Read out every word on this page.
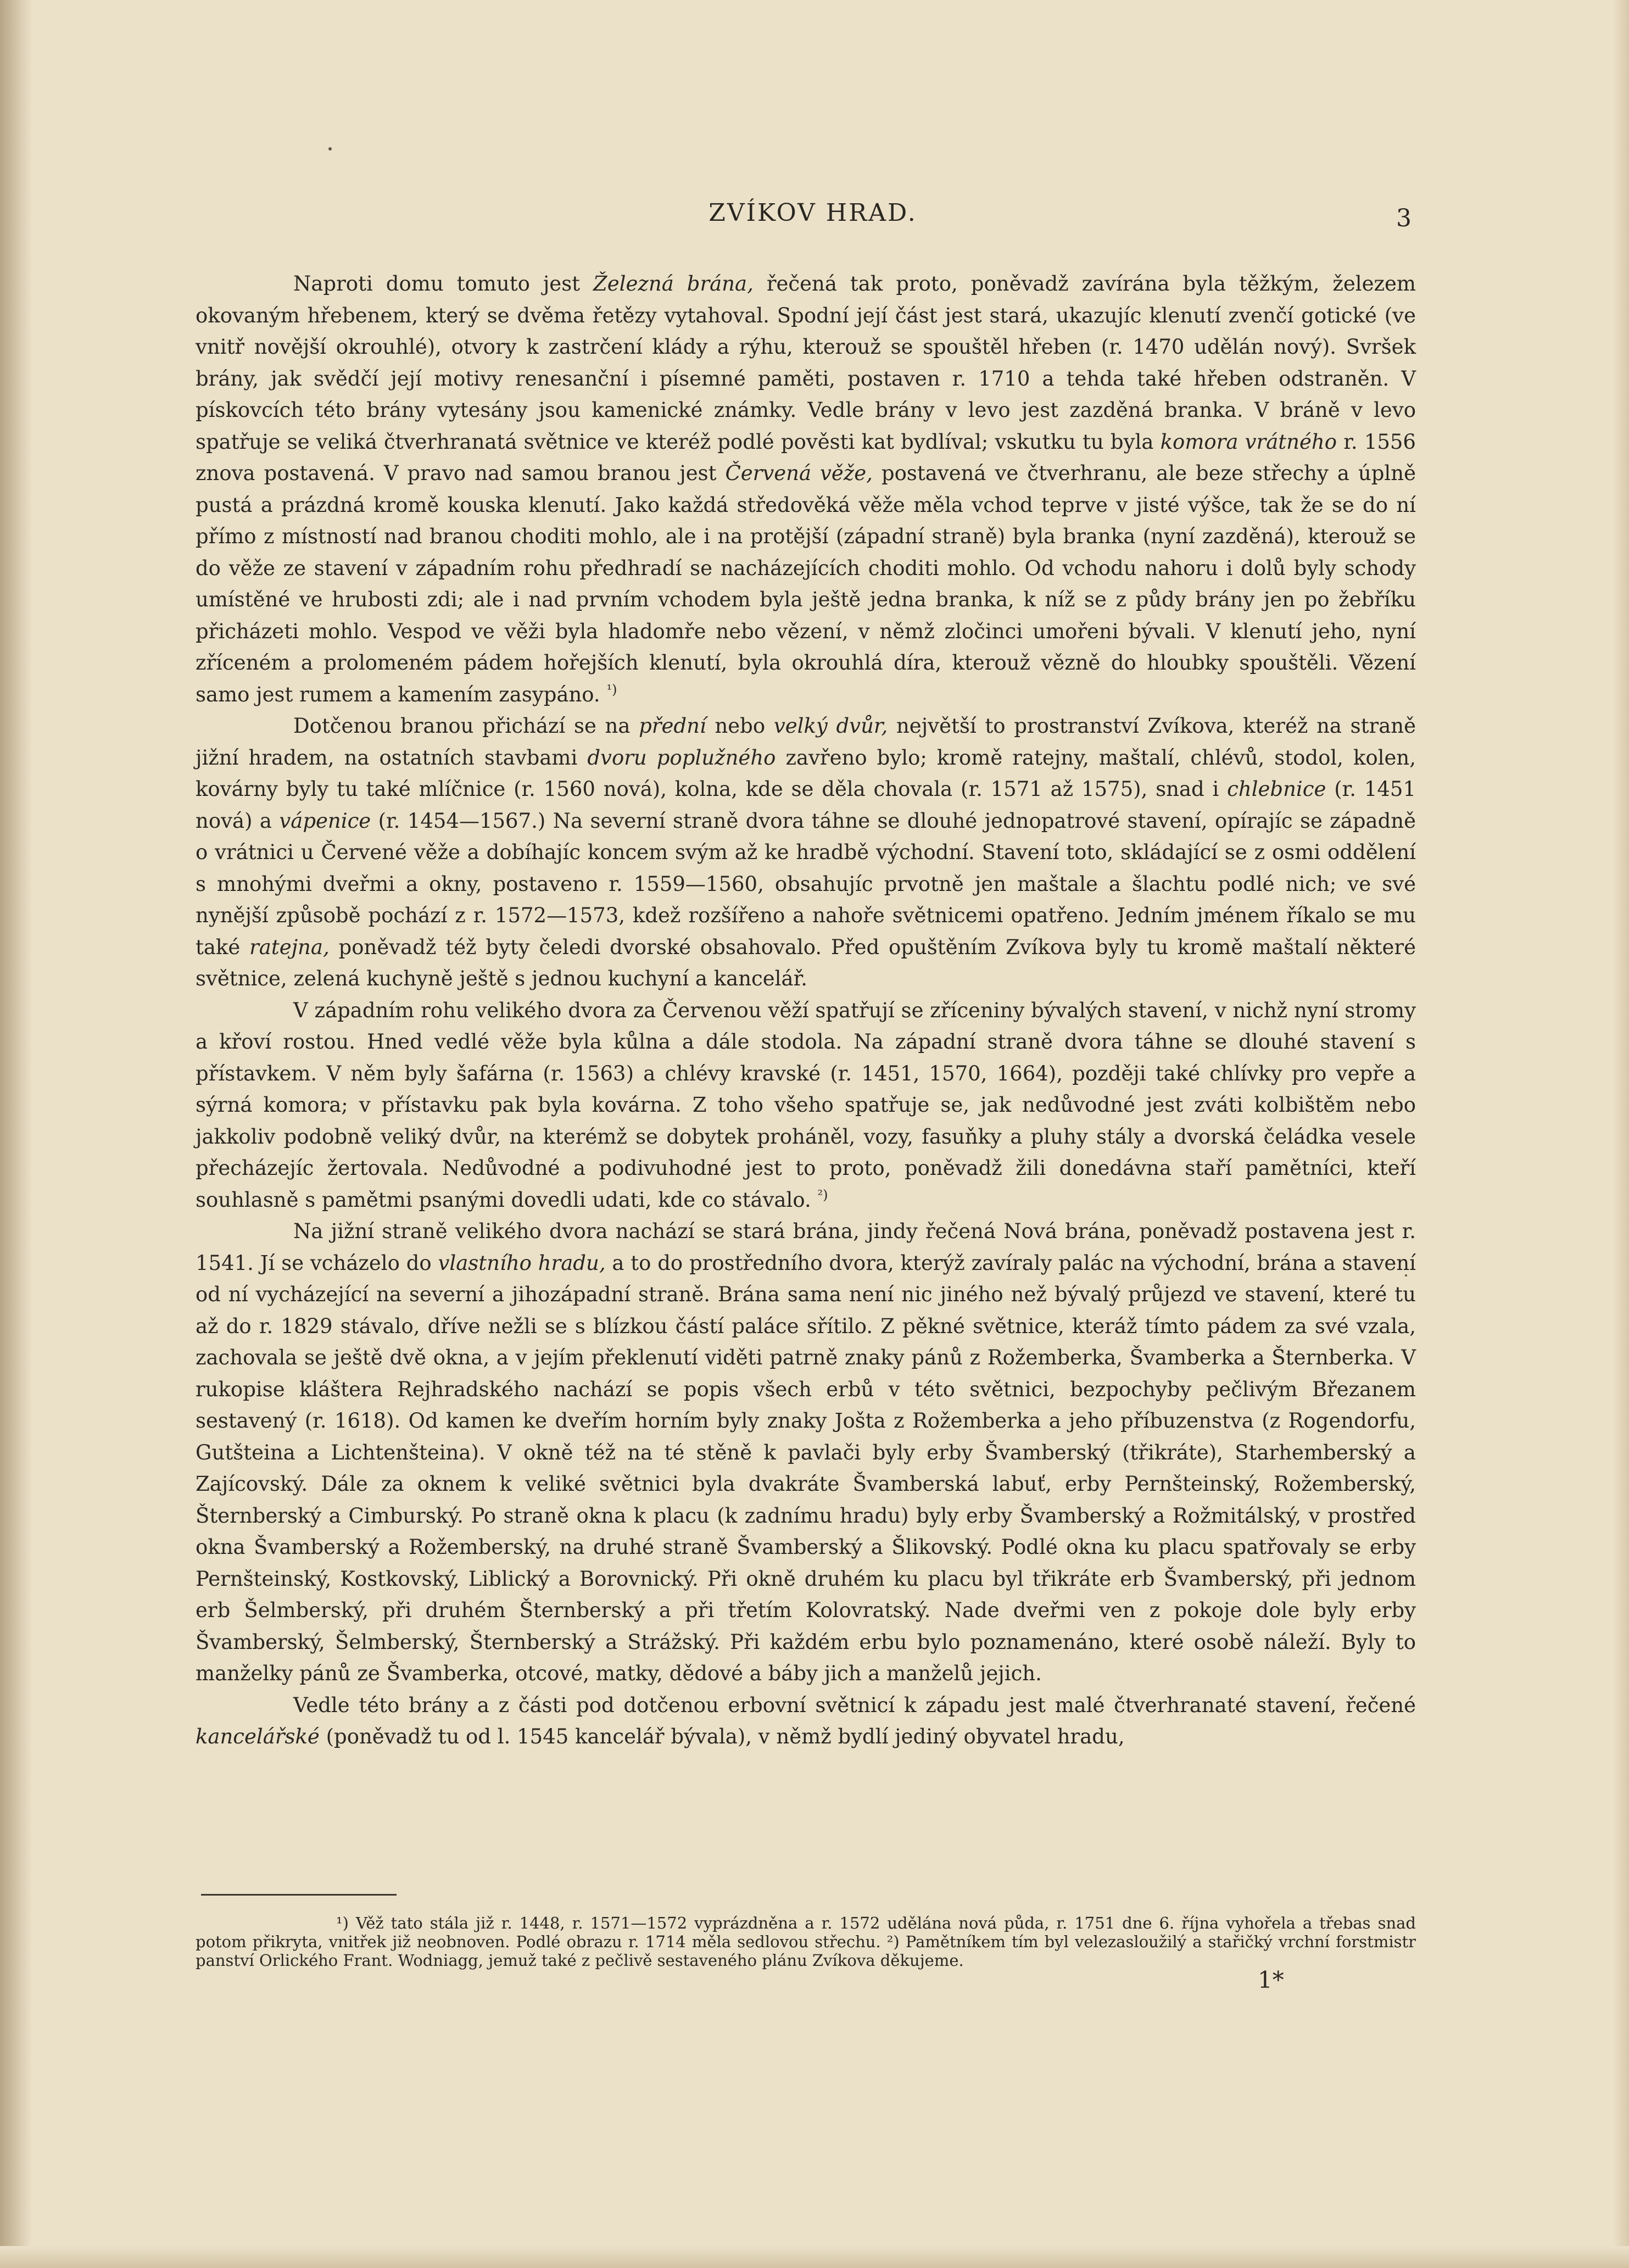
ZVÍKOV HRAD.	3

Naproti domu tomuto jest Železná brána, řečená tak proto, poněvadž zavírána byla těžkým, železem okovaným hřebenem, který se dvěma řetězy vytahoval. Spodní její část jest stará, ukazujíc klenutí zvenčí gotické (ve vnitř novější okrouhlé), otvory k zastrčení klády a rýhu, kterouž se spouštěl hřeben (r. 1470 udělán nový). Svršek brány, jak svědčí její motivy renesanční i písemné paměti, postaven r. 1710 a tehda také hřeben odstraněn. V pískovcích této brány vytesány jsou kamenické známky. Vedle brány v levo jest zazděná branka. V bráně v levo spatřuje se veliká čtverhranatá světnice ve kteréž podlé pověsti kat bydlíval; vskutku tu byla komora vrátného r. 1556 znova postavená. V pravo nad samou branou jest Červená věže, postavená ve čtverhranu, ale beze střechy a úplně pustá a prázdná kromě kouska klenutí. Jako každá středověká věže měla vchod teprve v jisté výšce, tak že se do ní přímo z místností nad branou choditi mohlo, ale i na protější (západní straně) byla branka (nyní zazděná), kterouž se do věže ze stavení v západním rohu předhradí se nacházejících choditi mohlo. Od vchodu nahoru i dolů byly schody umístěné ve hrubosti zdi; ale i nad prvním vchodem byla ještě jedna branka, k níž se z půdy brány jen po žebříku přicházeti mohlo. Vespod ve věži byla hladomře nebo vězení, v němž zločinci umořeni bývali. V klenutí jeho, nyní zříceném a prolomeném pádem hořejších klenutí, byla okrouhlá díra, kterouž vězně do hloubky spouštěli. Vězení samo jest rumem a kamením zasypáno. $^{^1)}$

Dotčenou branou přichází se na přední nebo velký dvůr, největší to prostranství Zvíkova, kteréž na straně jižní hradem, na ostatních stavbami dvoru poplužného zavřeno bylo; kromě ratejny, maštalí, chlévů, stodol, kolen, kovárny byly tu také mlíčnice (r. 1560 nová), kolna, kde se děla chovala (r. 1571 až 1575), snad i chlebnice (r. 1451 nová) a vápenice (r. 1454—1567.) Na severní straně dvora táhne se dlouhé jednopatrové stavení, opírajíc se západně o vrátnici u Červené věže a dobíhajíc koncem svým až ke hradbě východní. Stavení toto, skládající se z osmi oddělení s mnohými dveřmi a okny, postaveno r. 1559—1560, obsahujíc prvotně jen maštale a šlachtu podlé nich; ve své nynější způsobě pochází z r. 1572—1573, kdež rozšířeno a nahoře světnicemi opatřeno. Jedním jménem říkalo se mu také ratejna, poněvadž též byty čeledi dvorské obsahovalo. Před opuštěním Zvíkova byly tu kromě maštalí některé světnice, zelená kuchyně ještě s jednou kuchyní a kancelář.

V západním rohu velikého dvora za Červenou věží spatřují se zříceniny bývalých stavení, v nichž nyní stromy a křoví rostou. Hned vedlé věže byla kůlna a dále stodola. Na západní straně dvora táhne se dlouhé stavení s přístavkem. V něm byly šafárna (r. 1563) a chlévy kravské (r. 1451, 1570, 1664), později také chlívky pro vepře a sýrná komora; v přístavku pak byla kovárna. Z toho všeho spatřuje se, jak nedůvodné jest zváti kolbištěm nebo jakkoliv podobně veliký dvůr, na kterémž se dobytek proháněl, vozy, fasuňky a pluhy stály a dvorská čeládka vesele přecházejíc žertovala. Nedůvodné a podivuhodné jest to proto, poněvadž žili donedávna staří pamětníci, kteří souhlasně s pamětmi psanými dovedli udati, kde co stávalo. $^{^2)}$

Na jižní straně velikého dvora nachází se stará brána, jindy řečená Nová brána, poněvadž postavena jest r. 1541. Jí se vcházelo do vlastního hradu, a to do prostředního dvora, kterýž zavíraly palác na východní, brána a stavení od ní vycházející na severní a jihozápadní straně. Brána sama není nic jiného než bývalý průjezd ve stavení, které tu až do r. 1829 stávalo, dříve nežli se s blízkou částí paláce sřítilo. Z pěkné světnice, kteráž tímto pádem za své vzala, zachovala se ještě dvě okna, a v jejím překlenutí viděti patrně znaky pánů z Rožemberka, Švamberka a Šternberka. V rukopise kláštera Rejhradského nachází se popis všech erbů v této světnici, bezpochyby pečlivým Březanem sestavený (r. 1618). Od kamen ke dveřím horním byly znaky Jošta z Rožemberka a jeho příbuzenstva (z Rogendorfu, Gutšteina a Lichtenšteina). V okně též na té stěně k pavlači byly erby Švamberský (třikráte), Starhemberský a Zajícovský. Dále za oknem k veliké světnici byla dvakráte Švamberská labuť, erby Pernšteinský, Rožemberský, Šternberský a Cimburský. Po straně okna k placu (k zadnímu hradu) byly erby Švamberský a Rožmitálský, v prostřed okna Švamberský a Rožemberský, na druhé straně Švamberský a Šlikovský. Podlé okna ku placu spatřovaly se erby Pernšteinský, Kostkovský, Liblický a Borovnický. Při okně druhém ku placu byl třikráte erb Švamberský, při jednom erb Šelmberský, při druhém Šternberský a při třetím Kolovratský. Nade dveřmi ven z pokoje dole byly erby Švamberský, Šelmberský, Šternberský a Strážský. Při každém erbu bylo poznamenáno, které osobě náleží. Byly to manželky pánů ze Švamberka, otcové, matky, dědové a báby jich a manželů jejich.

Vedle této brány a z části pod dotčenou erbovní světnicí k západu jest malé čtverhranaté stavení, řečené kancelářské (poněvadž tu od l. 1545 kancelář bývala), v němž bydlí jediný obyvatel hradu,

¹) Věž tato stála již r. 1448, r. 1571—1572 vyprázdněna a r. 1572 udělána nová půda, r. 1751 dne 6. října vyhořela a třebas snad potom přikryta, vnitřek již neobnoven. Podlé obrazu r. 1714 měla sedlovou střechu. ²) Pamětníkem tím byl velezasloužilý a stařičký vrchní forstmistr panství Orlického Frant. Wodniagg, jemuž také z pečlivě sestaveného plánu Zvíkova děkujeme.
1*
